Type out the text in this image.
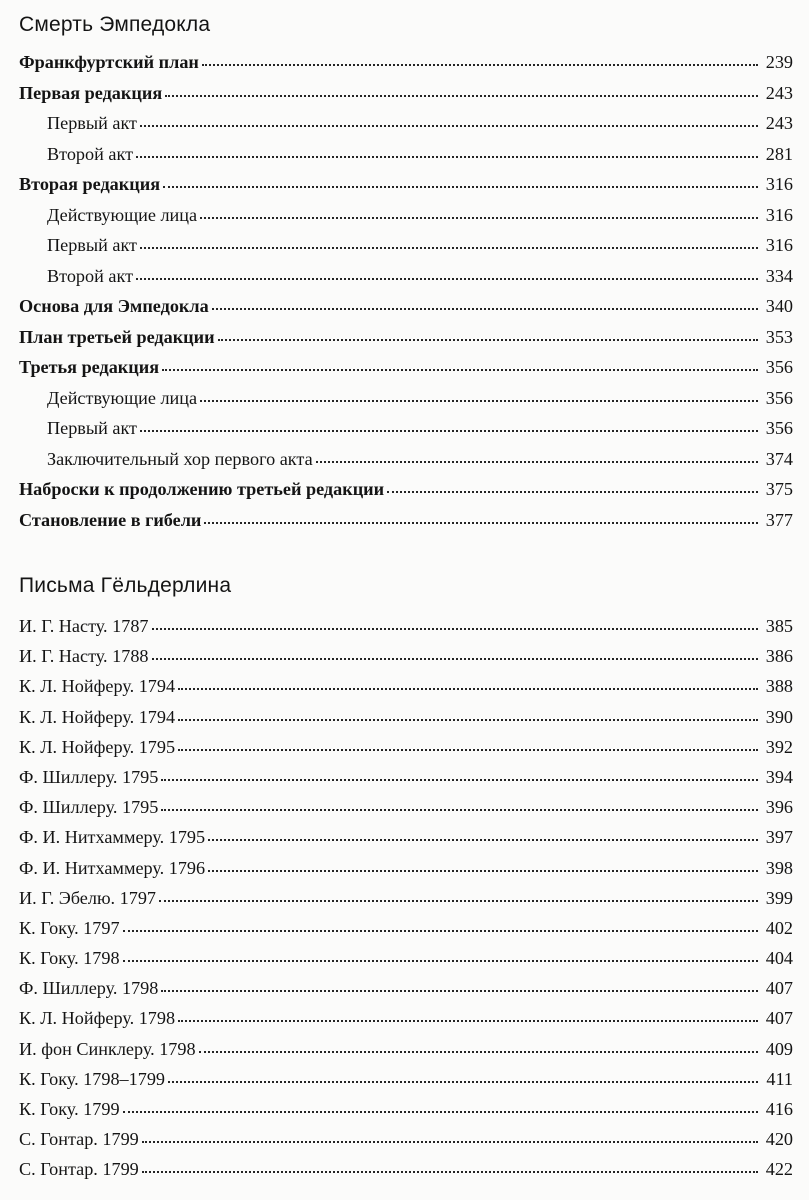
Смерть Эмпедокла
Франкфуртский план	239
Первая редакция	243
Первый акт	243
Второй акт	281
Вторая редакция	316
Действующие лица	316
Первый акт	316
Второй акт	334
Основа для Эмпедокла	340
План третьей редакции	353
Третья редакция	356
Действующие лица	356
Первый акт	356
Заключительный хор первого акта	374
Наброски к продолжению третьей редакции	375
Становление в гибели	377
Письма Гёльдерлина
И. Г. Насту. 1787	385
И. Г. Насту. 1788	386
К. Л. Нойферу. 1794	388
К. Л. Нойферу. 1794	390
К. Л. Нойферу. 1795	392
Ф. Шиллеру. 1795	394
Ф. Шиллеру. 1795	396
Ф. И. Нитхаммеру. 1795	397
Ф. И. Нитхаммеру. 1796	398
И. Г. Эбелю. 1797	399
К. Гоку. 1797	402
К. Гоку. 1798	404
Ф. Шиллеру. 1798	407
К. Л. Нойферу. 1798	407
И. фон Синклеру. 1798	409
К. Гоку. 1798–1799	411
К. Гоку. 1799	416
С. Гонтар. 1799	420
С. Гонтар. 1799	422
